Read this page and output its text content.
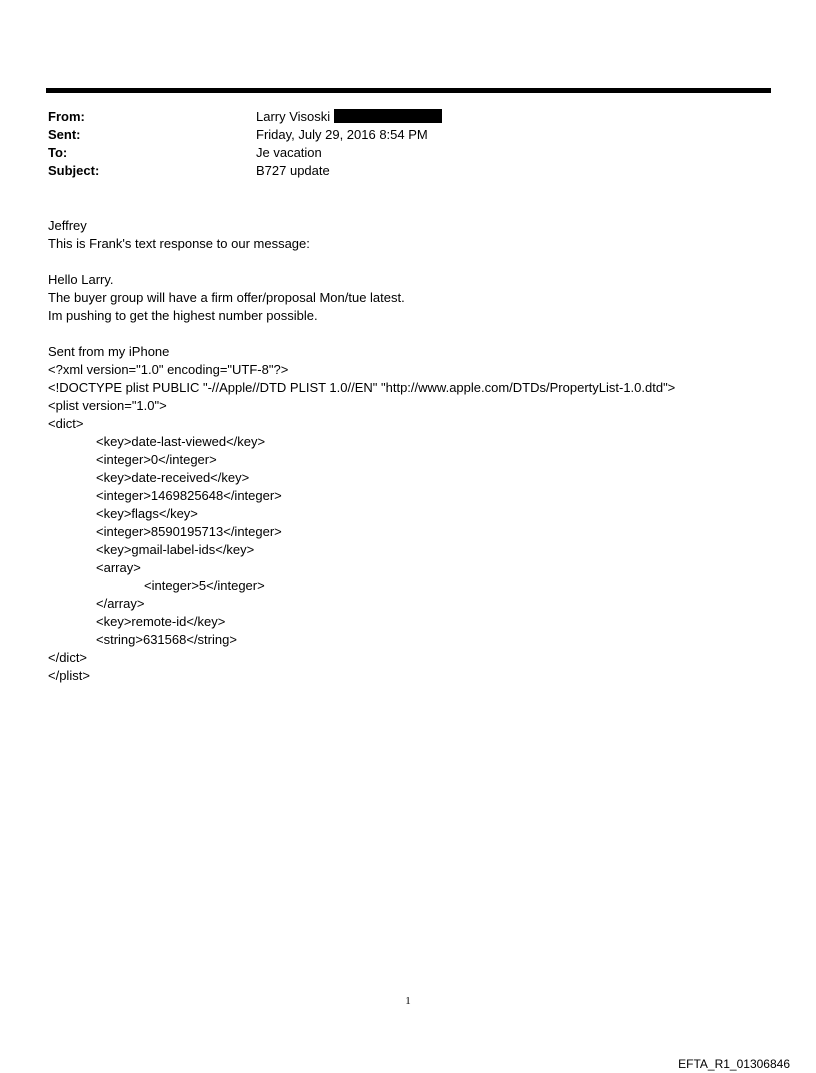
From:	Larry Visoski
Sent:	Friday, July 29, 2016 8:54 PM
To:	Je vacation
Subject:	B727 update
Jeffrey
This is Frank's text response to our message:
Hello Larry.
The buyer group will have a firm offer/proposal Mon/tue latest.
Im pushing to get the highest number possible.
Sent from my iPhone
<?xml version="1.0" encoding="UTF-8"?>
<!DOCTYPE plist PUBLIC "-//Apple//DTD PLIST 1.0//EN" "http://www.apple.com/DTDs/PropertyList-1.0.dtd">
<plist version="1.0">
<dict>
<key>date-last-viewed</key>
<integer>0</integer>
<key>date-received</key>
<integer>1469825648</integer>
<key>flags</key>
<integer>8590195713</integer>
<key>gmail-label-ids</key>
<array>
<integer>5</integer>
</array>
<key>remote-id</key>
<string>631568</string>
</dict>
</plist>
1
EFTA_R1_01306846
